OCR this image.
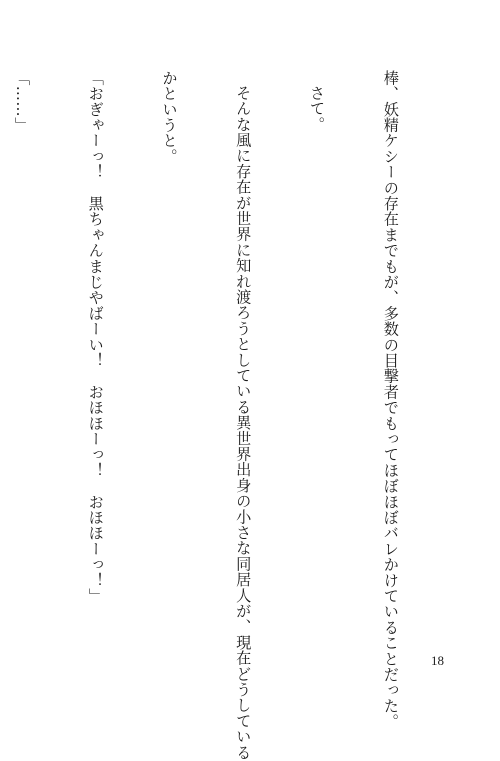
棒、妖精ケシーの存在までもが、多数の目撃者でもってほぼほぼバレかけていることだった。

さて。

そんな風に存在が世界に知れ渡ろうとしている異世界出身の小さな同居人が、現在どうしている

かというと。

「おぎゃーっ！　黒ちゃんまじやばーい！　おほほーっ！　おほほーっ！」

「……」

18
